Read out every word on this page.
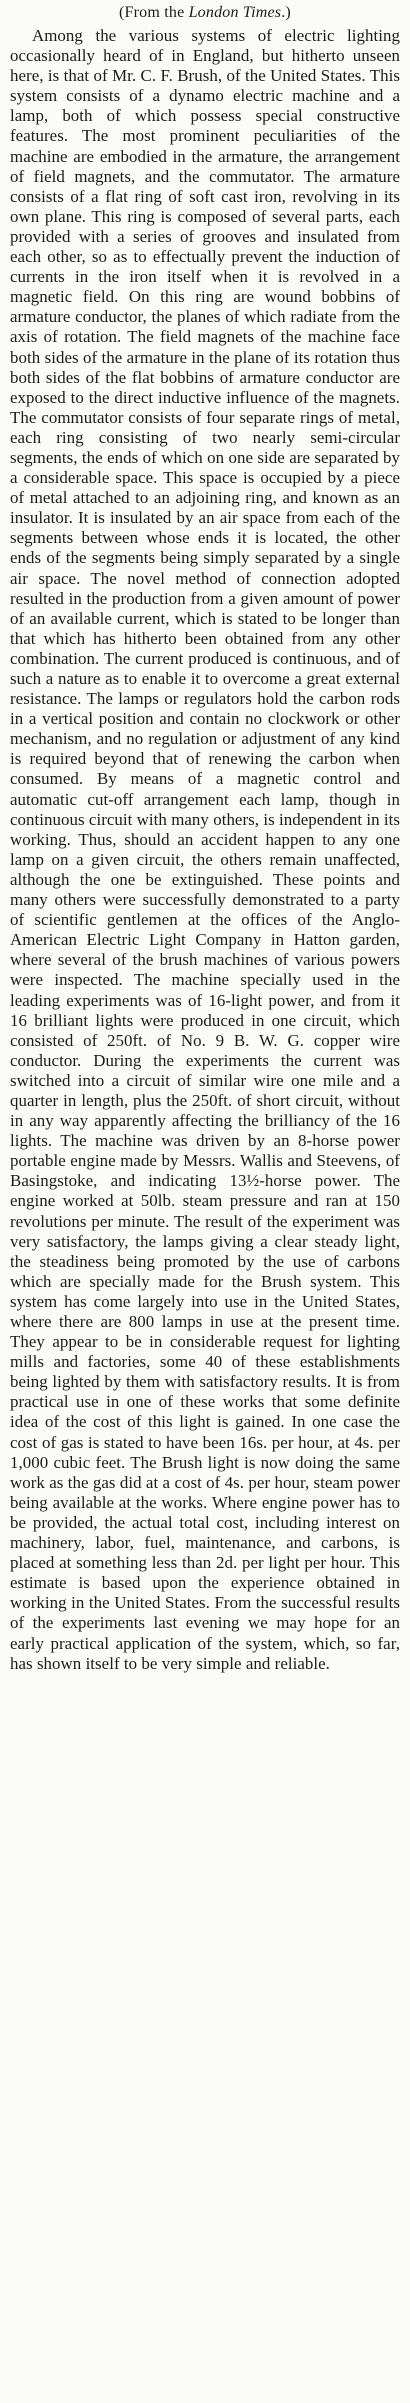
(From the London Times.)

Among the various systems of electric lighting occasionally heard of in England, but hitherto unseen here, is that of Mr. C. F. Brush, of the United States. This system consists of a dynamo electric machine and a lamp, both of which possess special constructive features. The most prominent peculiarities of the machine are embodied in the armature, the arrangement of field magnets, and the commutator. The armature consists of a flat ring of soft cast iron, revolving in its own plane. This ring is composed of several parts, each provided with a series of grooves and insulated from each other, so as to effectually prevent the induction of currents in the iron itself when it is revolved in a magnetic field. On this ring are wound bobbins of armature conductor, the planes of which radiate from the axis of rotation. The field magnets of the machine face both sides of the armature in the plane of its rotation thus both sides of the flat bobbins of armature conductor are exposed to the direct inductive influence of the magnets. The commutator consists of four separate rings of metal, each ring consisting of two nearly semi-circular segments, the ends of which on one side are separated by a considerable space. This space is occupied by a piece of metal attached to an adjoining ring, and known as an insulator. It is insulated by an air space from each of the segments between whose ends it is located, the other ends of the segments being simply separated by a single air space. The novel method of connection adopted resulted in the production from a given amount of power of an available current, which is stated to be longer than that which has hitherto been obtained from any other combination. The current produced is continuous, and of such a nature as to enable it to overcome a great external resistance. The lamps or regulators hold the carbon rods in a vertical position and contain no clockwork or other mechanism, and no regulation or adjustment of any kind is required beyond that of renewing the carbon when consumed. By means of a magnetic control and automatic cut-off arrangement each lamp, though in continuous circuit with many others, is independent in its working. Thus, should an accident happen to any one lamp on a given circuit, the others remain unaffected, although the one be extinguished. These points and many others were successfully demonstrated to a party of scientific gentlemen at the offices of the Anglo-American Electric Light Company in Hatton garden, where several of the brush machines of various powers were inspected. The machine specially used in the leading experiments was of 16-light power, and from it 16 brilliant lights were produced in one circuit, which consisted of 250ft. of No. 9 B. W. G. copper wire conductor. During the experiments the current was switched into a circuit of similar wire one mile and a quarter in length, plus the 250ft. of short circuit, without in any way apparently affecting the brilliancy of the 16 lights. The machine was driven by an 8-horse power portable engine made by Messrs. Wallis and Steevens, of Basingstoke, and indicating 13½-horse power. The engine worked at 50lb. steam pressure and ran at 150 revolutions per minute. The result of the experiment was very satisfactory, the lamps giving a clear steady light, the steadiness being promoted by the use of carbons which are specially made for the Brush system. This system has come largely into use in the United States, where there are 800 lamps in use at the present time. They appear to be in considerable request for lighting mills and factories, some 40 of these establishments being lighted by them with satisfactory results. It is from practical use in one of these works that some definite idea of the cost of this light is gained. In one case the cost of gas is stated to have been 16s. per hour, at 4s. per 1,000 cubic feet. The Brush light is now doing the same work as the gas did at a cost of 4s. per hour, steam power being available at the works. Where engine power has to be provided, the actual total cost, including interest on machinery, labor, fuel, maintenance, and carbons, is placed at something less than 2d. per light per hour. This estimate is based upon the experience obtained in working in the United States. From the successful results of the experiments last evening we may hope for an early practical application of the system, which, so far, has shown itself to be very simple and reliable.
